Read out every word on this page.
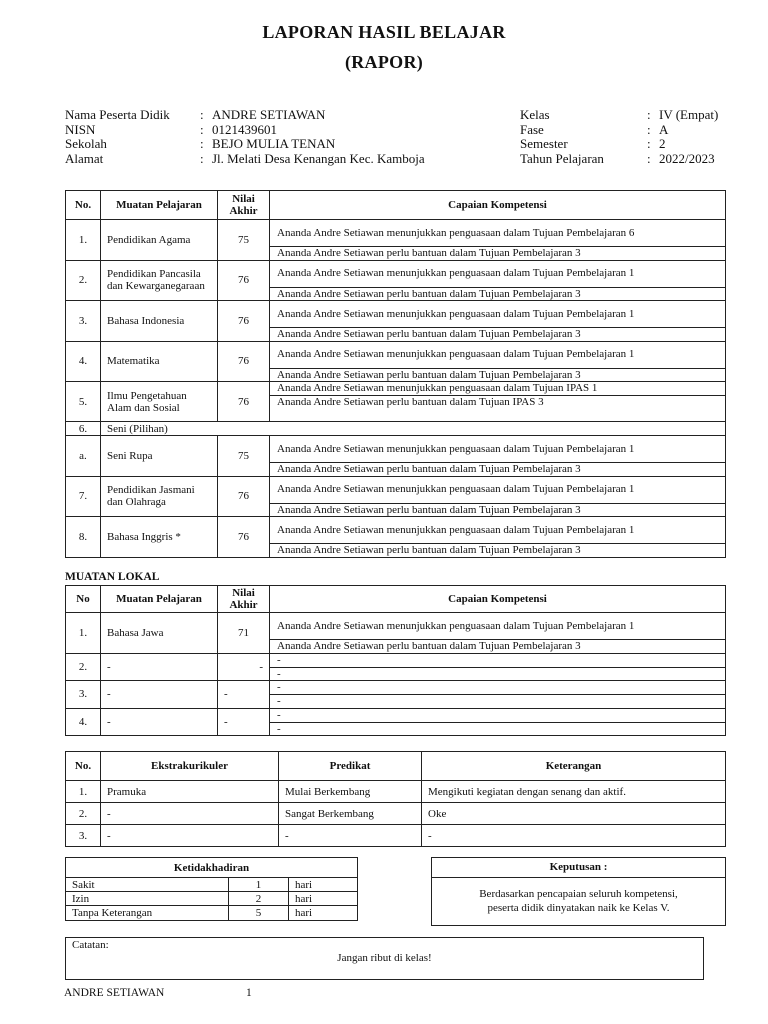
LAPORAN HASIL BELAJAR
(RAPOR)
Nama Peserta Didik	: ANDRE SETIAWAN
NISN	: 0121439601
Sekolah	: BEJO MULIA TENAN
Alamat	: Jl. Melati Desa Kenangan Kec. Kamboja
Kelas	: IV (Empat)
Fase	: A
Semester	: 2
Tahun Pelajaran	: 2022/2023
No.	Muatan Pelajaran	Nilai Akhir	Capaian Kompetensi
1.	Pendidikan Agama	75	Ananda Andre Setiawan menunjukkan penguasaan dalam Tujuan Pembelajaran 6
			Ananda Andre Setiawan perlu bantuan dalam Tujuan Pembelajaran 3
2.	Pendidikan Pancasila dan Kewarganegaraan	76	Ananda Andre Setiawan menunjukkan penguasaan dalam Tujuan Pembelajaran 1
			Ananda Andre Setiawan perlu bantuan dalam Tujuan Pembelajaran 3
3.	Bahasa Indonesia	76	Ananda Andre Setiawan menunjukkan penguasaan dalam Tujuan Pembelajaran 1
			Ananda Andre Setiawan perlu bantuan dalam Tujuan Pembelajaran 3
4.	Matematika	76	Ananda Andre Setiawan menunjukkan penguasaan dalam Tujuan Pembelajaran 1
			Ananda Andre Setiawan perlu bantuan dalam Tujuan Pembelajaran 3
5.	Ilmu Pengetahuan Alam dan Sosial	76	Ananda Andre Setiawan menunjukkan penguasaan dalam Tujuan IPAS 1
			Ananda Andre Setiawan perlu bantuan dalam Tujuan IPAS 3
6.	Seni (Pilihan)		
a.	Seni Rupa	75	Ananda Andre Setiawan menunjukkan penguasaan dalam Tujuan Pembelajaran 1
			Ananda Andre Setiawan perlu bantuan dalam Tujuan Pembelajaran 3
7.	Pendidikan Jasmani dan Olahraga	76	Ananda Andre Setiawan menunjukkan penguasaan dalam Tujuan Pembelajaran 1
			Ananda Andre Setiawan perlu bantuan dalam Tujuan Pembelajaran 3
8.	Bahasa Inggris *	76	Ananda Andre Setiawan menunjukkan penguasaan dalam Tujuan Pembelajaran 1
			Ananda Andre Setiawan perlu bantuan dalam Tujuan Pembelajaran 3
MUATAN LOKAL
No	Muatan Pelajaran	Nilai Akhir	Capaian Kompetensi
1.	Bahasa Jawa	71	Ananda Andre Setiawan menunjukkan penguasaan dalam Tujuan Pembelajaran 1
			Ananda Andre Setiawan perlu bantuan dalam Tujuan Pembelajaran 3
2.	-	-	-
			-
3.	-	-	-
			-
4.	-	-	-
			-
No.	Ekstrakurikuler	Predikat	Keterangan
1.	Pramuka	Mulai Berkembang	Mengikuti kegiatan dengan senang dan aktif.
2.	-	Sangat Berkembang	Oke
3.	-	-	-
Ketidakhadiran		
Sakit	1	hari
Izin	2	hari
Tanpa Keterangan	5	hari
Keputusan :
Berdasarkan pencapaian seluruh kompetensi,
peserta didik dinyatakan naik ke Kelas V.
Catatan:
Jangan ribut di kelas!
ANDRE SETIAWAN	1
